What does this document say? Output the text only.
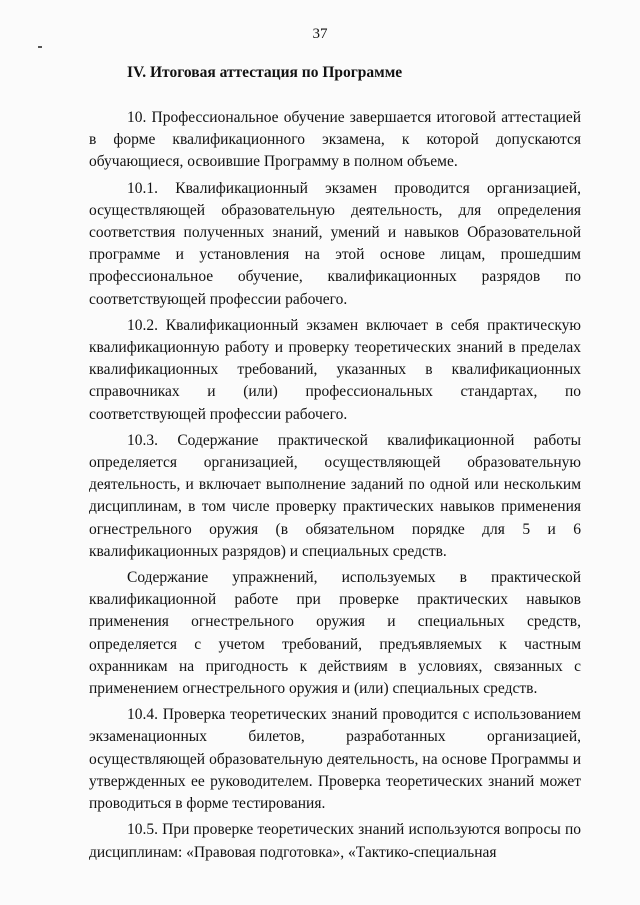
37

IV. Итоговая аттестация по Программе

10. Профессиональное обучение завершается итоговой аттестацией в форме квалификационного экзамена, к которой допускаются обучающиеся, освоившие Программу в полном объеме.

10.1. Квалификационный экзамен проводится организацией, осуществляющей образовательную деятельность, для определения соответствия полученных знаний, умений и навыков Образовательной программе и установления на этой основе лицам, прошедшим профессиональное обучение, квалификационных разрядов по соответствующей профессии рабочего.

10.2. Квалификационный экзамен включает в себя практическую квалификационную работу и проверку теоретических знаний в пределах квалификационных требований, указанных в квалификационных справочниках и (или) профессиональных стандартах, по соответствующей профессии рабочего.

10.3. Содержание практической квалификационной работы определяется организацией, осуществляющей образовательную деятельность, и включает выполнение заданий по одной или нескольким дисциплинам, в том числе проверку практических навыков применения огнестрельного оружия (в обязательном порядке для 5 и 6 квалификационных разрядов) и специальных средств.

Содержание упражнений, используемых в практической квалификационной работе при проверке практических навыков применения огнестрельного оружия и специальных средств, определяется с учетом требований, предъявляемых к частным охранникам на пригодность к действиям в условиях, связанных с применением огнестрельного оружия и (или) специальных средств.

10.4. Проверка теоретических знаний проводится с использованием экзаменационных билетов, разработанных организацией, осуществляющей образовательную деятельность, на основе Программы и утвержденных ее руководителем. Проверка теоретических знаний может проводиться в форме тестирования.

10.5. При проверке теоретических знаний используются вопросы по дисциплинам: «Правовая подготовка», «Тактико-специальная
